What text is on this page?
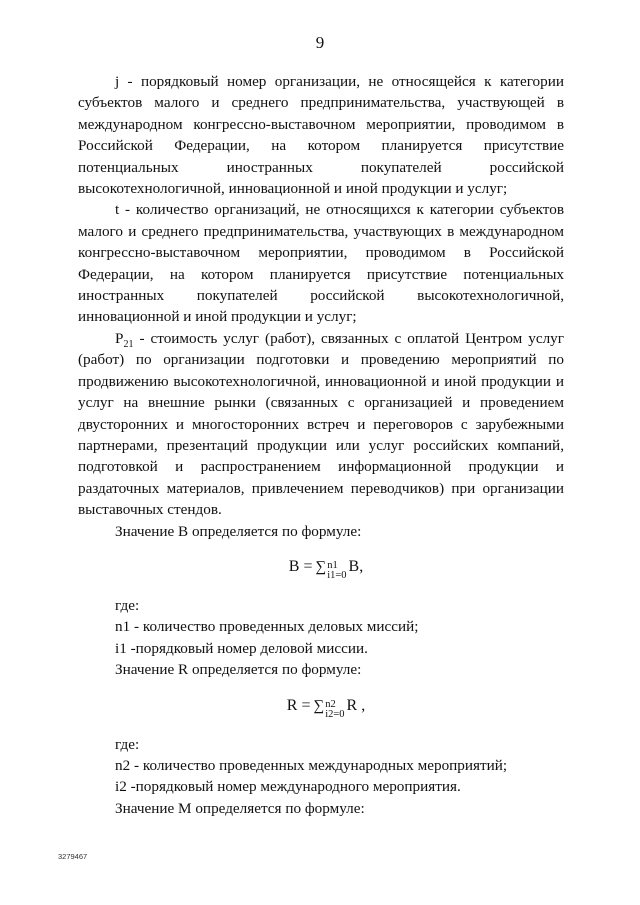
9

j - порядковый номер организации, не относящейся к категории субъектов малого и среднего предпринимательства, участвующей в международном конгрессно-выставочном мероприятии, проводимом в Российской Федерации, на котором планируется присутствие потенциальных иностранных покупателей российской высокотехнологичной, инновационной и иной продукции и услуг;

t - количество организаций, не относящихся к категории субъектов малого и среднего предпринимательства, участвующих в международном конгрессно-выставочном мероприятии, проводимом в Российской Федерации, на котором планируется присутствие потенциальных иностранных покупателей российской высокотехнологичной, инновационной и иной продукции и услуг;

$P_{21}$ - стоимость услуг (работ), связанных с оплатой Центром услуг (работ) по организации подготовки и проведению мероприятий по продвижению высокотехнологичной, инновационной и иной продукции и услуг на внешние рынки (связанных с организацией и проведением двусторонних и многосторонних встреч и переговоров с зарубежными партнерами, презентаций продукции или услуг российских компаний, подготовкой и распространением информационной продукции и раздаточных материалов, привлечением переводчиков) при организации выставочных стендов.

Значение B определяется по формуле:

B = ∑ n1
i1=0
B,

где:

n1 - количество проведенных деловых миссий;

i1 -порядковый номер деловой миссии.

Значение R определяется по формуле:

R = ∑ n2
i2=0
R ,

где:

n2 - количество проведенных международных мероприятий;

i2 -порядковый номер международного мероприятия.

Значение M определяется по формуле:

3279467
